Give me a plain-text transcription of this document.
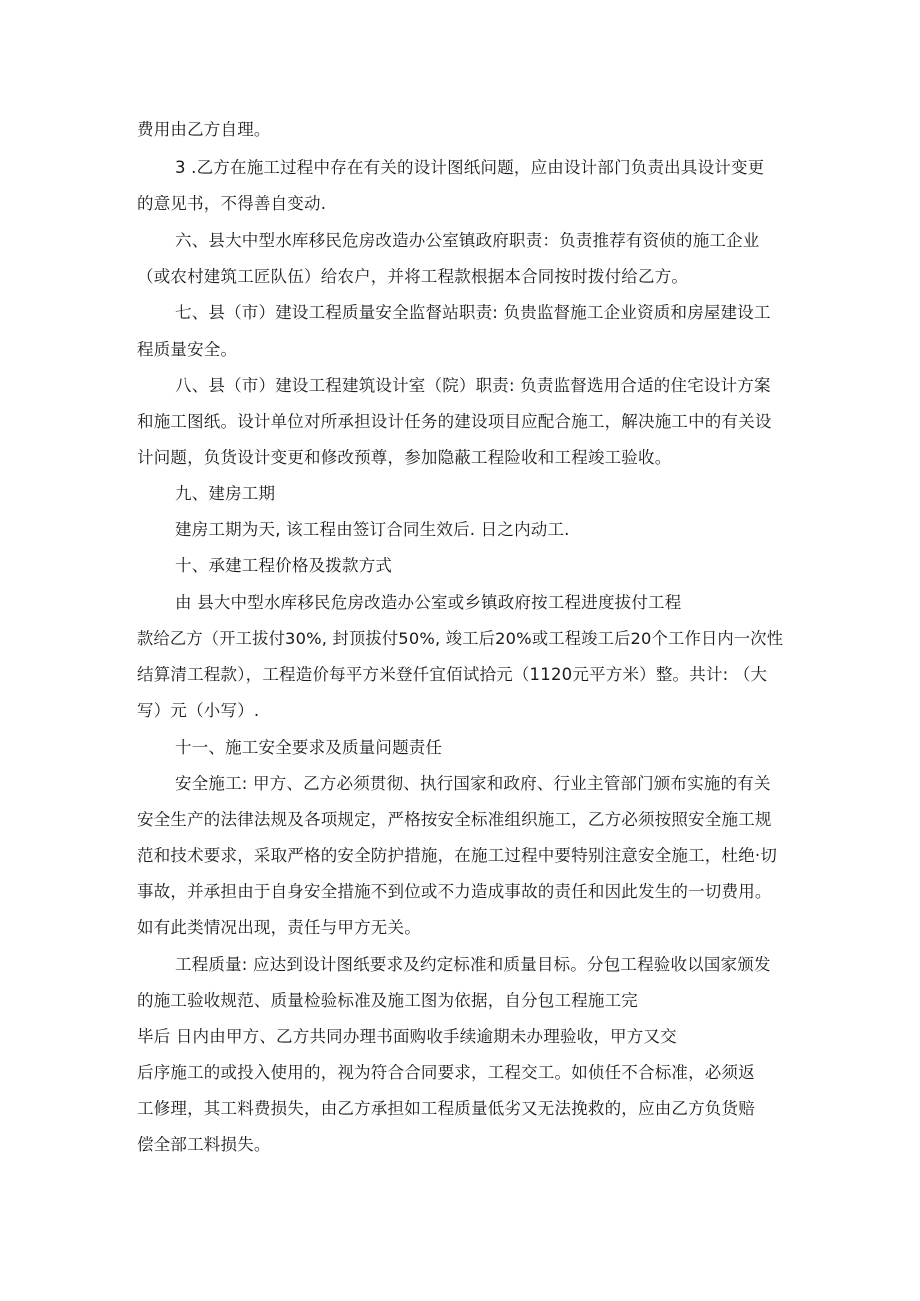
费用由乙方自理。
3 .乙方在施工过程中存在有关的设计图纸问题，应由设计部门负责出具设计变更
的意见书，不得善自变动.
六、县大中型水库移民危房改造办公室镇政府职责：负责推荐有资侦的施工企业
（或农村建筑工匠队伍）给农户，并将工程款根据本合同按时拨付给乙方。
七、县（市）建设工程质量安全监督站职责: 负贵监督施工企业资质和房屋建设工
程质量安全。
八、县（市）建设工程建筑设计室（院）职责: 负责监督选用合适的住宅设计方案
和施工图纸。设计单位对所承担设计任务的建设项目应配合施工，解决施工中的有关设
计问题，负货设计变更和修改预尊，参加隐蔽工程险收和工程竣工验收。
九、建房工期
建房工期为天, 该工程由签订合同生效后. 日之内动工.
十、承建工程价格及拨款方式
由 县大中型水库移民危房改造办公室或乡镇政府按工程进度拔付工程
款给乙方（开工拔付30%, 封顶拔付50%, 竣工后20%或工程竣工后20个工作日内一次性
结算清工程款），工程造价每平方米登仟宜佰试拾元（1120元平方米）整。共计: （大
写）元（小写）.
十一、施工安全要求及质量问题责任
安全施工: 甲方、乙方必须贯彻、执行国家和政府、行业主管部门颁布实施的有关
安全生产的法律法规及各项规定，严格按安全标准组织施工，乙方必须按照安全施工规
范和技术要求，采取严格的安全防护措施，在施工过程中要特别注意安全施工，杜绝·切
事故，并承担由于自身安全措施不到位或不力造成事故的责任和因此发生的一切费用。
如有此类情况出现，责任与甲方无关。
工程质量: 应达到设计图纸要求及约定标准和质量目标。分包工程验收以国家颁发
的施工验收规范、质量检验标准及施工图为依据，自分包工程施工完
毕后 日内由甲方、乙方共同办理书面购收手续逾期未办理验收，甲方又交
后序施工的或投入使用的，视为符合合同要求，工程交工。如侦任不合标准，必须返
工修理，其工料费损失，由乙方承担如工程质量低劣又无法挽救的，应由乙方负货赔
偿全部工料损失。
